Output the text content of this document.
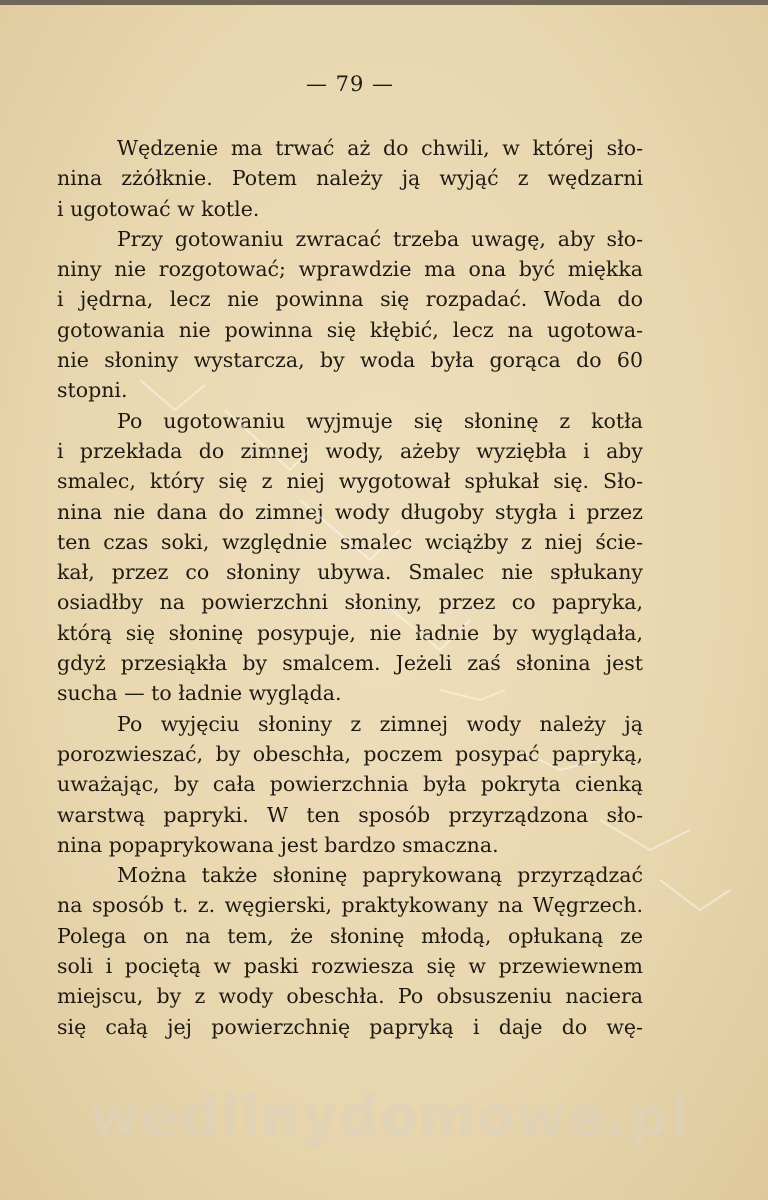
— 79 —

Wędzenie ma trwać aż do chwili, w której sło-
nina zżółknie. Potem należy ją wyjąć z wędzarni
i ugotować w kotle.

Przy gotowaniu zwracać trzeba uwagę, aby sło-
niny nie rozgotować; wprawdzie ma ona być miękka
i jędrna, lecz nie powinna się rozpadać. Woda do
gotowania nie powinna się kłębić, lecz na ugotowa-
nie słoniny wystarcza, by woda była gorąca do 60
stopni.

Po ugotowaniu wyjmuje się słoninę z kotła
i przekłada do zimnej wody, ażeby wyziębła i aby
smalec, który się z niej wygotował spłukał się. Sło-
nina nie dana do zimnej wody długoby stygła i przez
ten czas soki, względnie smalec wciążby z niej ście-
kał, przez co słoniny ubywa. Smalec nie spłukany
osiadłby na powierzchni słoniny, przez co papryka,
którą się słoninę posypuje, nie ładnie by wyglądała,
gdyż przesiąkła by smalcem. Jeżeli zaś słonina jest
sucha — to ładnie wygląda.

Po wyjęciu słoniny z zimnej wody należy ją
porozwieszać, by obeschła, poczem posypać papryką,
uważając, by cała powierzchnia była pokryta cienką
warstwą papryki. W ten sposób przyrządzona sło-
nina popaprykowana jest bardzo smaczna.

Można także słoninę paprykowaną przyrządzać
na sposób t. z. węgierski, praktykowany na Węgrzech.
Polega on na tem, że słoninę młodą, opłukaną ze
soli i pociętą w paski rozwiesza się w przewiewnem
miejscu, by z wody obeschła. Po obsuszeniu naciera
się całą jej powierzchnię papryką i daje do wę-

wedlinydomowe.pl
